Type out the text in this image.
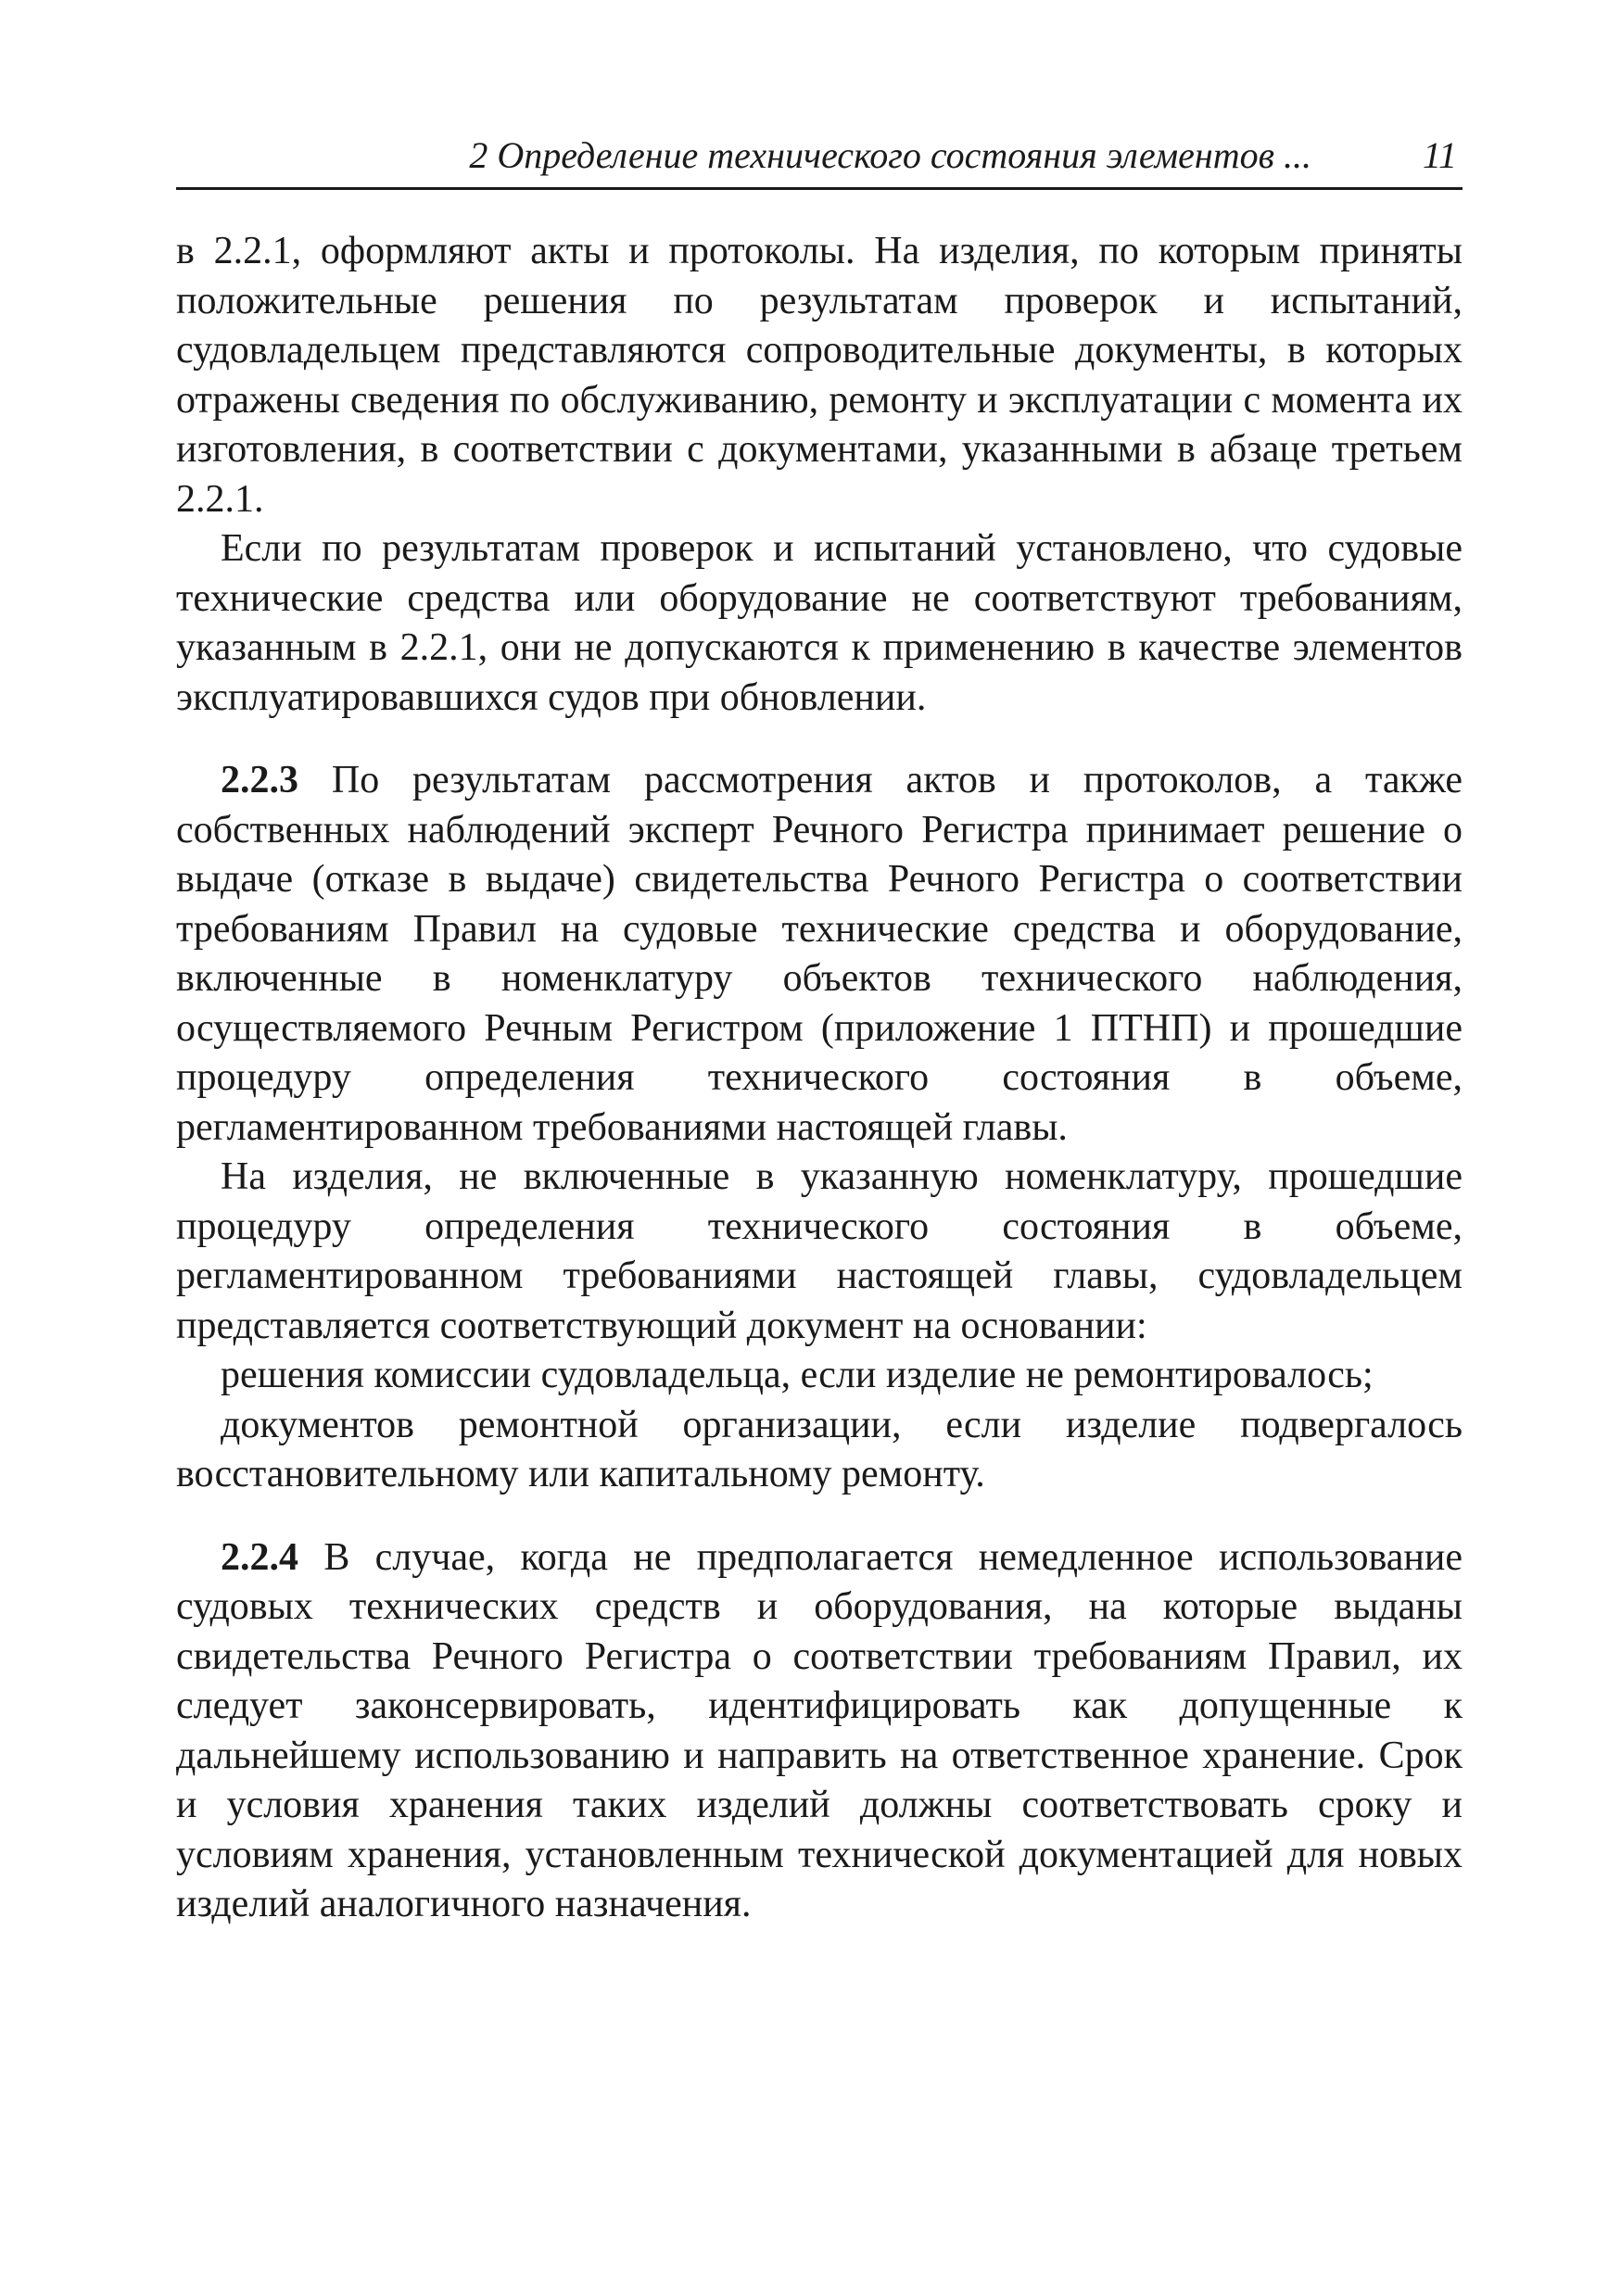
2 Определение технического состояния элементов ...	11

в 2.2.1, оформляют акты и протоколы. На изделия, по которым приняты положительные решения по результатам проверок и испытаний, судовладельцем представляются сопроводительные документы, в которых отражены сведения по обслуживанию, ремонту и эксплуатации с момента их изготовления, в соответствии с документами, указанными в абзаце третьем 2.2.1.

Если по результатам проверок и испытаний установлено, что судовые технические средства или оборудование не соответствуют требованиям, указанным в 2.2.1, они не допускаются к применению в качестве элементов эксплуатировавшихся судов при обновлении.

2.2.3 По результатам рассмотрения актов и протоколов, а также собственных наблюдений эксперт Речного Регистра принимает решение о выдаче (отказе в выдаче) свидетельства Речного Регистра о соответствии требованиям Правил на судовые технические средства и оборудование, включенные в номенклатуру объектов технического наблюдения, осуществляемого Речным Регистром (приложение 1 ПТНП) и прошедшие процедуру определения технического состояния в объеме, регламентированном требованиями настоящей главы.

На изделия, не включенные в указанную номенклатуру, прошедшие процедуру определения технического состояния в объеме, регламентированном требованиями настоящей главы, судовладельцем представляется соответствующий документ на основании:

решения комиссии судовладельца, если изделие не ремонтировалось;

документов ремонтной организации, если изделие подвергалось восстановительному или капитальному ремонту.

2.2.4 В случае, когда не предполагается немедленное использование судовых технических средств и оборудования, на которые выданы свидетельства Речного Регистра о соответствии требованиям Правил, их следует законсервировать, идентифицировать как допущенные к дальнейшему использованию и направить на ответственное хранение. Срок и условия хранения таких изделий должны соответствовать сроку и условиям хранения, установленным технической документацией для новых изделий аналогичного назначения.
